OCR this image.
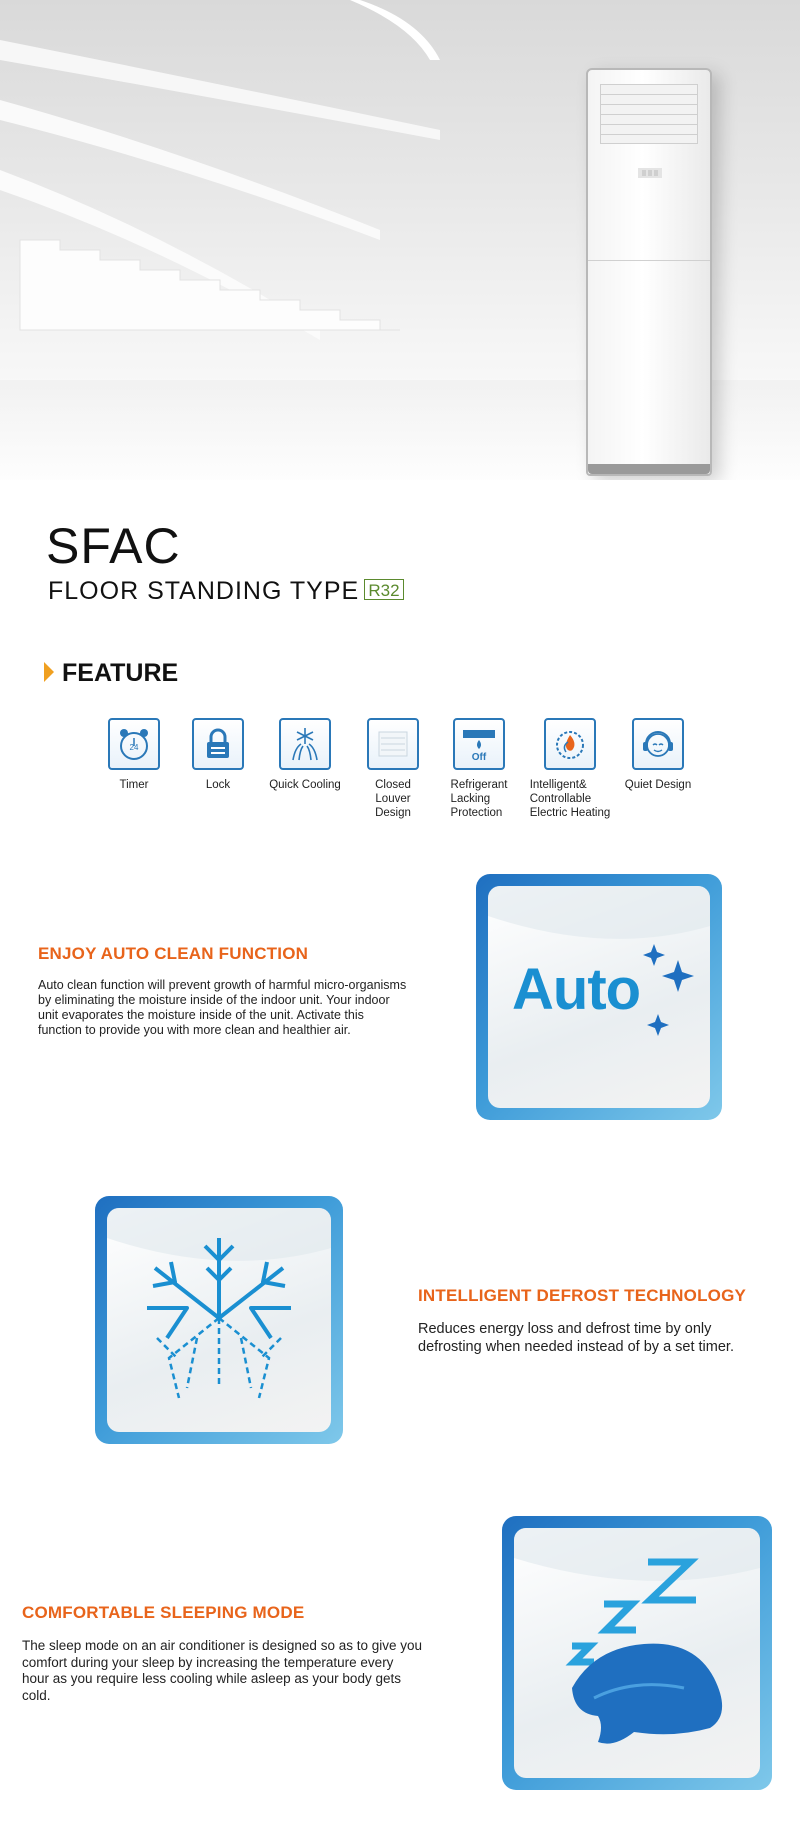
SFAC
FLOOR STANDING TYPE R32
FEATURE
24
Timer	Lock	Quick Cooling	Closed
Louver
Design
Off
Refrigerant
Lacking
Protection
Intelligent&
Controllable
Electric Heating
Quiet Design
ENJOY AUTO CLEAN FUNCTION
Auto clean function will prevent growth of harmful micro-organisms by eliminating the moisture inside of the indoor unit. Your indoor unit evaporates the moisture inside of the unit. Activate this function to provide you with more clean and healthier air.
Auto
INTELLIGENT DEFROST TECHNOLOGY
Reduces energy loss and defrost time by only defrosting when needed instead of by a set timer.
COMFORTABLE SLEEPING MODE
The sleep mode on an air conditioner is designed so as to give you comfort during your sleep by increasing the temperature every hour as you require less cooling while asleep as your body gets cold.
